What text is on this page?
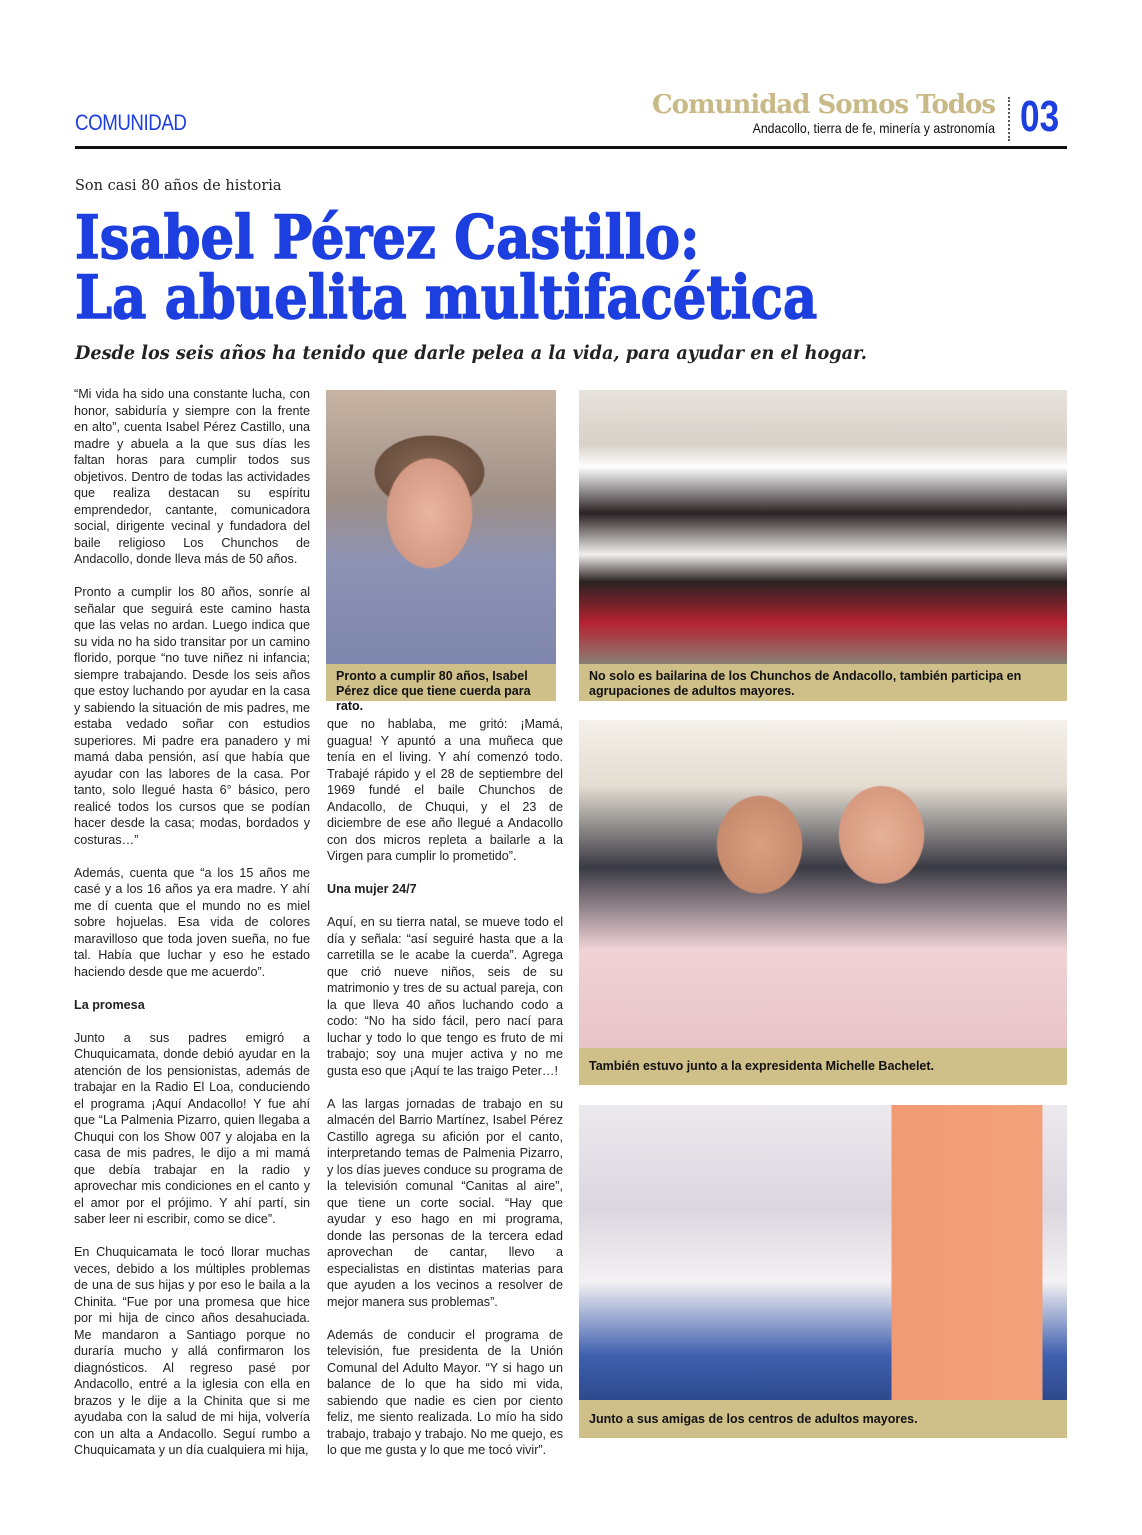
COMUNIDAD
Comunidad Somos Todos
Andacollo, tierra de fe, minería y astronomía 03
Son casi 80 años de historia
Isabel Pérez Castillo:
La abuelita multifacética
Desde los seis años ha tenido que darle pelea a la vida, para ayudar en el hogar.

“Mi vida ha sido una constante lucha, con honor, sabiduría y siempre con la frente en alto”, cuenta Isabel Pérez Castillo, una madre y abuela a la que sus días les faltan horas para cumplir todos sus objetivos. Dentro de todas las actividades que realiza destacan su espíritu emprendedor, cantante, comunicadora social, dirigente vecinal y fundadora del baile religioso Los Chunchos de Andacollo, donde lleva más de 50 años.

Pronto a cumplir los 80 años, sonríe al señalar que seguirá este camino hasta que las velas no ardan. Luego indica que su vida no ha sido transitar por un camino florido, porque “no tuve niñez ni infancia; siempre trabajando. Desde los seis años que estoy luchando por ayudar en la casa y sabiendo la situación de mis padres, me estaba vedado soñar con estudios superiores. Mi padre era panadero y mi mamá daba pensión, así que había que ayudar con las labores de la casa. Por tanto, solo llegué hasta 6° básico, pero realicé todos los cursos que se podían hacer desde la casa; modas, bordados y costuras…”

Además, cuenta que “a los 15 años me casé y a los 16 años ya era madre. Y ahí me dí cuenta que el mundo no es miel sobre hojuelas. Esa vida de colores maravilloso que toda joven sueña, no fue tal. Había que luchar y eso he estado haciendo desde que me acuerdo”.

La promesa

Junto a sus padres emigró a Chuquicamata, donde debió ayudar en la atención de los pensionistas, además de trabajar en la Radio El Loa, conduciendo el programa ¡Aquí Andacollo! Y fue ahí que “La Palmenia Pizarro, quien llegaba a Chuqui con los Show 007 y alojaba en la casa de mis padres, le dijo a mi mamá que debía trabajar en la radio y aprovechar mis condiciones en el canto y el amor por el prójimo. Y ahí partí, sin saber leer ni escribir, como se dice”.

En Chuquicamata le tocó llorar muchas veces, debido a los múltiples problemas de una de sus hijas y por eso le baila a la Chinita. “Fue por una promesa que hice por mi hija de cinco años desahuciada. Me mandaron a Santiago porque no duraría mucho y allá confirmaron los diagnósticos. Al regreso pasé por Andacollo, entré a la iglesia con ella en brazos y le dije a la Chinita que si me ayudaba con la salud de mi hija, volvería con un alta a Andacollo. Seguí rumbo a Chuquicamata y un día cualquiera mi hija,

que no hablaba, me gritó: ¡Mamá, guagua! Y apuntó a una muñeca que tenía en el living. Y ahí comenzó todo. Trabajé rápido y el 28 de septiembre del 1969 fundé el baile Chunchos de Andacollo, de Chuqui, y el 23 de diciembre de ese año llegué a Andacollo con dos micros repleta a bailarle a la Virgen para cumplir lo prometido”.

Una mujer 24/7

Aquí, en su tierra natal, se mueve todo el día y señala: “así seguiré hasta que a la carretilla se le acabe la cuerda”. Agrega que crió nueve niños, seis de su matrimonio y tres de su actual pareja, con la que lleva 40 años luchando codo a codo: “No ha sido fácil, pero nací para luchar y todo lo que tengo es fruto de mi trabajo; soy una mujer activa y no me gusta eso que ¡Aquí te las traigo Peter…!

A las largas jornadas de trabajo en su almacén del Barrio Martínez, Isabel Pérez Castillo agrega su afición por el canto, interpretando temas de Palmenia Pizarro, y los días jueves conduce su programa de la televisión comunal “Canitas al aire”, que tiene un corte social. “Hay que ayudar y eso hago en mi programa, donde las personas de la tercera edad aprovechan de cantar, llevo a especialistas en distintas materias para que ayuden a los vecinos a resolver de mejor manera sus problemas”.

Además de conducir el programa de televisión, fue presidenta de la Unión Comunal del Adulto Mayor. “Y si hago un balance de lo que ha sido mi vida, sabiendo que nadie es cien por ciento feliz, me siento realizada. Lo mío ha sido trabajo, trabajo y trabajo. No me quejo, es lo que me gusta y lo que me tocó vivir”.

Pronto a cumplir 80 años, Isabel Pérez dice que tiene cuerda para rato.
No solo es bailarina de los Chunchos de Andacollo, también participa en agrupaciones de adultos mayores.
También estuvo junto a la expresidenta Michelle Bachelet.
Junto a sus amigas de los centros de adultos mayores.
